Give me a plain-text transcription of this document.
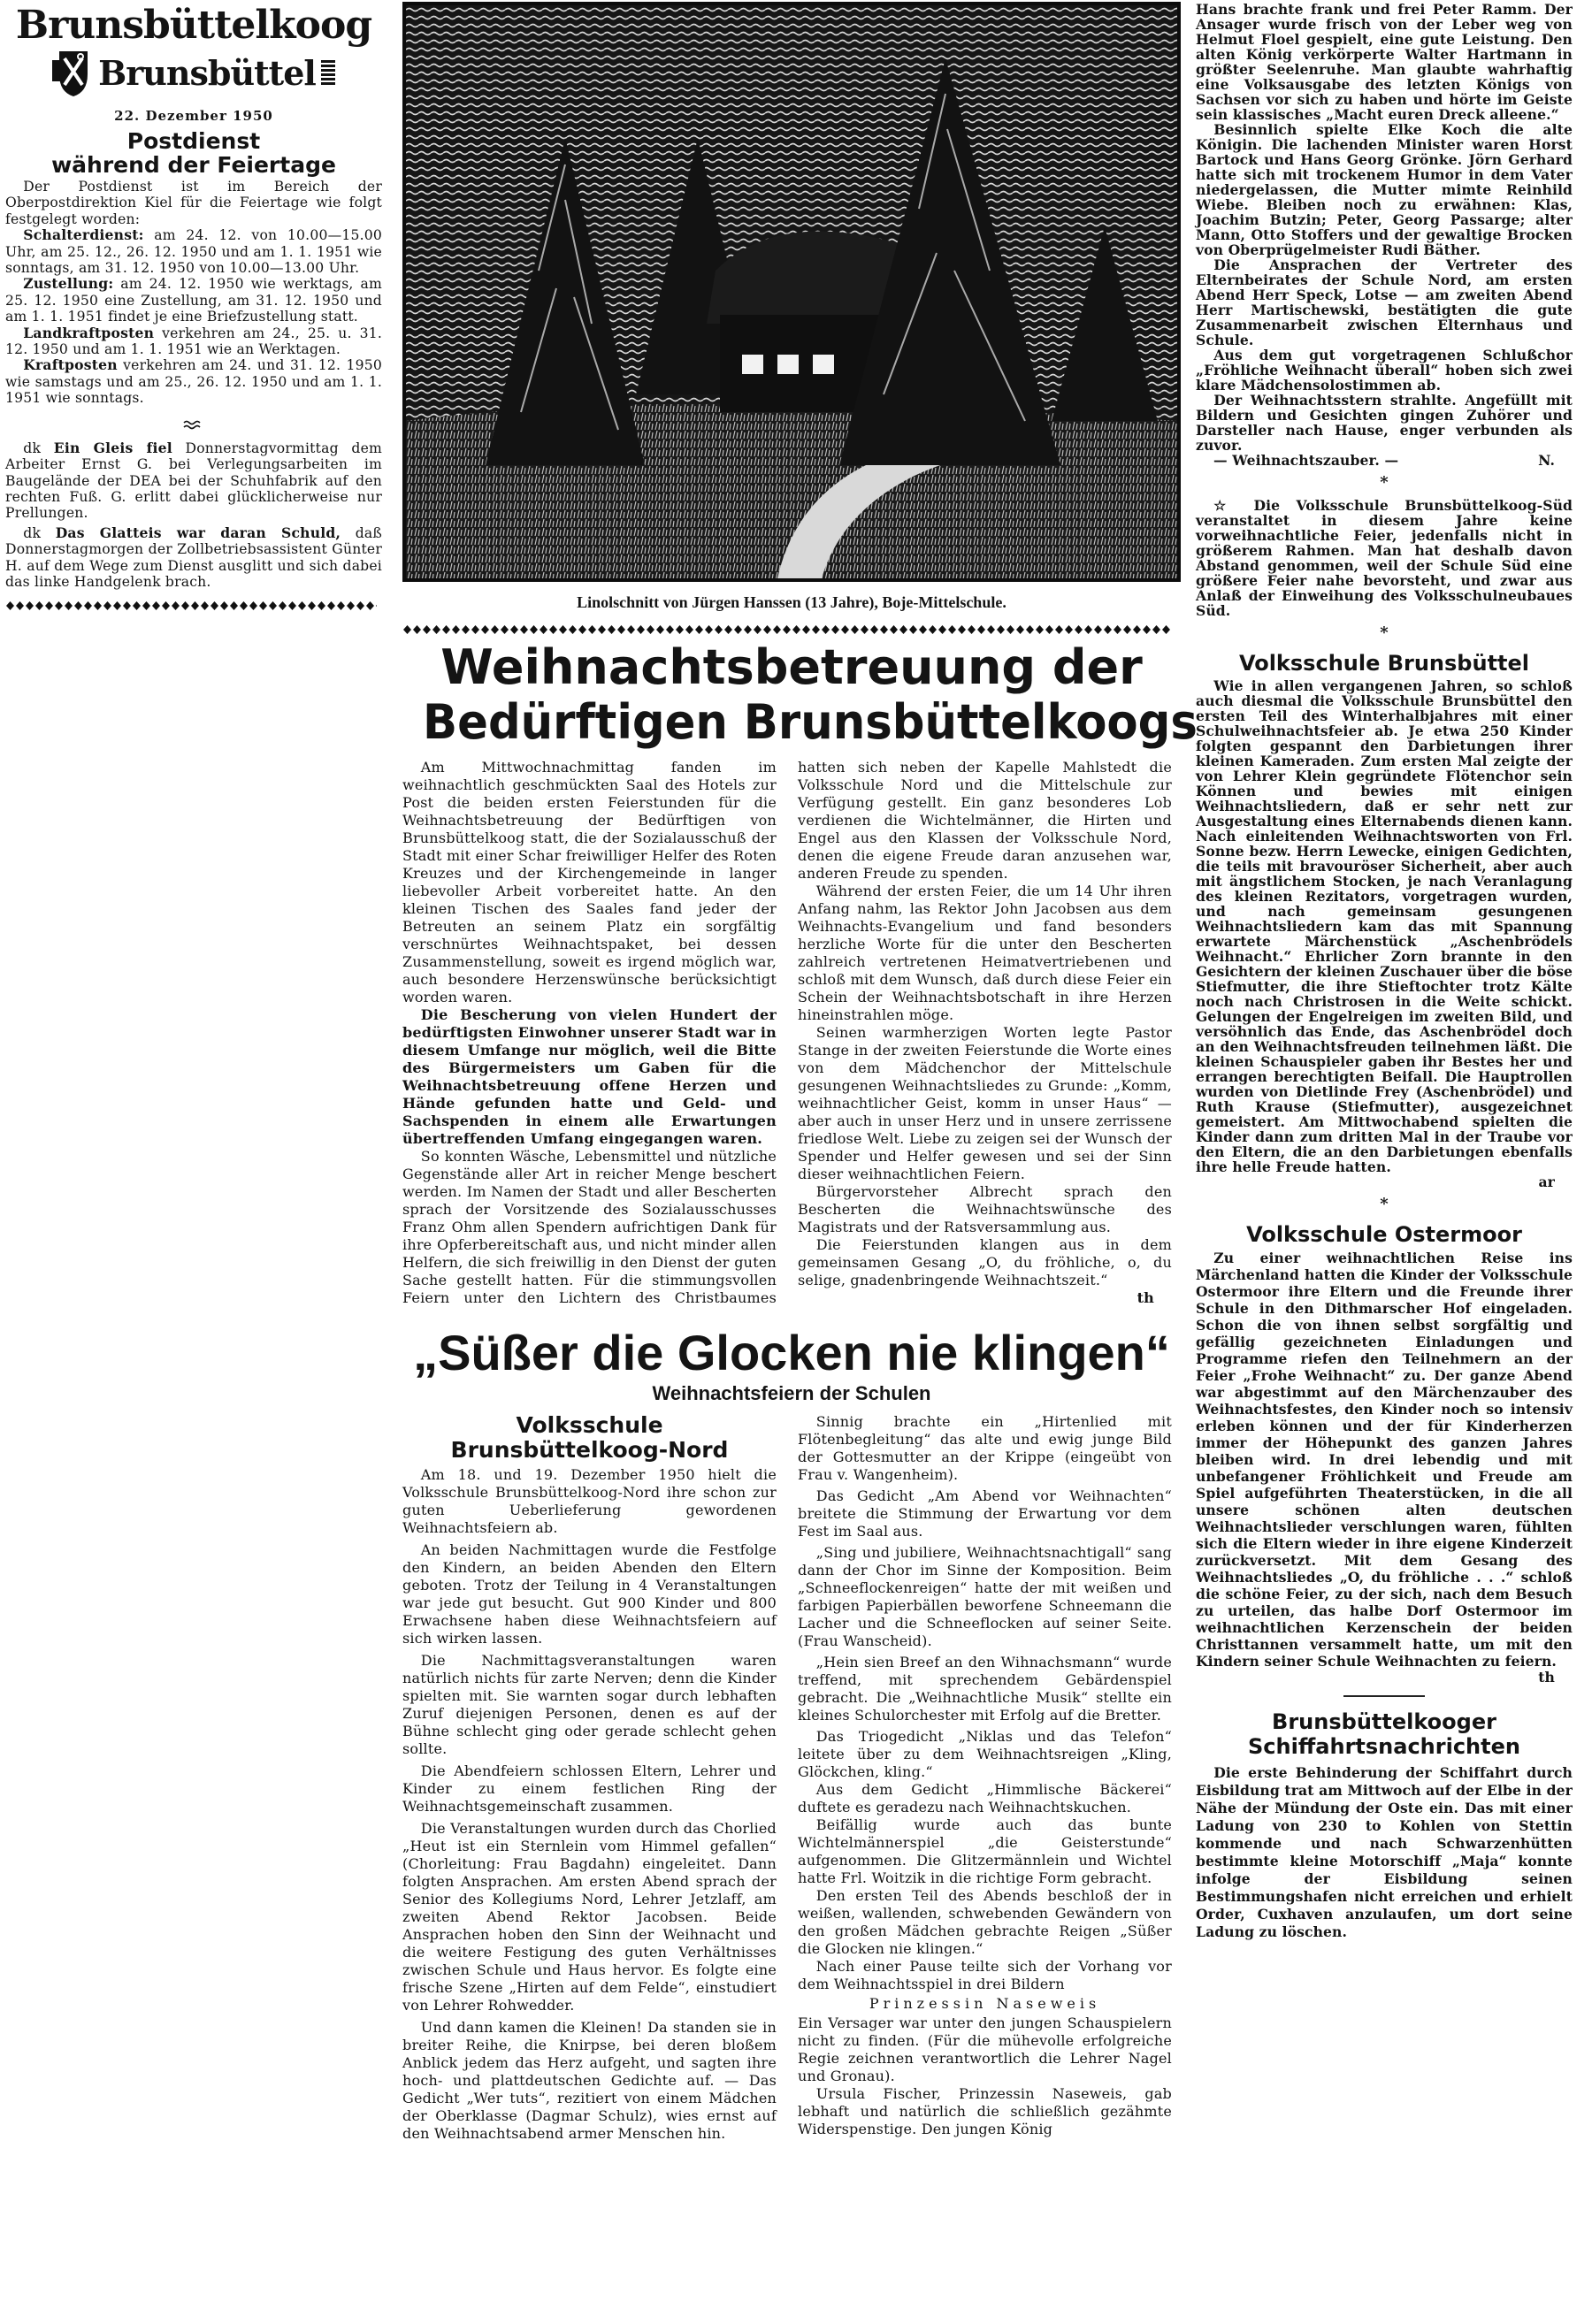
Brunsbüttelkoog
Brunsbüttel
22. Dezember 1950
Postdienst
während der Feiertage

Der Postdienst ist im Bereich der Oberpostdirektion Kiel für die Feiertage wie folgt festgelegt worden:

Schalterdienst: am 24. 12. von 10.00—15.00 Uhr, am 25. 12., 26. 12. 1950 und am 1. 1. 1951 wie sonntags, am 31. 12. 1950 von 10.00—13.00 Uhr.

Zustellung: am 24. 12. 1950 wie werktags, am 25. 12. 1950 eine Zustellung, am 31. 12. 1950 und am 1. 1. 1951 findet je eine Briefzustellung statt.

Landkraftposten verkehren am 24., 25. u. 31. 12. 1950 und am 1. 1. 1951 wie an Werktagen.

Kraftposten verkehren am 24. und 31. 12. 1950 wie samstags und am 25., 26. 12. 1950 und am 1. 1. 1951 wie sonntags.

dk Ein Gleis fiel Donnerstagvormittag dem Arbeiter Ernst G. bei Verlegungsarbeiten im Baugelände der DEA bei der Schuhfabrik auf den rechten Fuß. G. erlitt dabei glücklicherweise nur Prellungen.

dk Das Glatteis war daran Schuld, daß Donnerstagmorgen der Zollbetriebsassistent Günter H. auf dem Wege zum Dienst ausglitt und sich dabei das linke Handgelenk brach.

Linolschnitt von Jürgen Hanssen (13 Jahre), Boje-Mittelschule.
Weihnachtsbetreuung der
Bedürftigen Brunsbüttelkoogs

Am Mittwochnachmittag fanden im weihnachtlich geschmückten Saal des Hotels zur Post die beiden ersten Feierstunden für die Weihnachtsbetreuung der Bedürftigen von Brunsbüttelkoog statt, die der Sozialausschuß der Stadt mit einer Schar freiwilliger Helfer des Roten Kreuzes und der Kirchengemeinde in langer liebevoller Arbeit vorbereitet hatte. An den kleinen Tischen des Saales fand jeder der Betreuten an seinem Platz ein sorgfältig verschnürtes Weihnachtspaket, bei dessen Zusammenstellung, soweit es irgend möglich war, auch besondere Herzenswünsche berücksichtigt worden waren.

Die Bescherung von vielen Hundert der bedürftigsten Einwohner unserer Stadt war in diesem Umfange nur möglich, weil die Bitte des Bürgermeisters um Gaben für die Weihnachtsbetreuung offene Herzen und Hände gefunden hatte und Geld- und Sachspenden in einem alle Erwartungen übertreffenden Umfang eingegangen waren.

So konnten Wäsche, Lebensmittel und nützliche Gegenstände aller Art in reicher Menge beschert werden. Im Namen der Stadt und aller Bescherten sprach der Vorsitzende des Sozialausschusses Franz Ohm allen Spendern aufrichtigen Dank für ihre Opferbereitschaft aus, und nicht minder allen Helfern, die sich freiwillig in den Dienst der guten Sache gestellt hatten. Für die stimmungsvollen Feiern unter den Lichtern des Christbaumes hatten sich neben der Kapelle Mahlstedt die Volksschule Nord und die Mittelschule zur Verfügung gestellt. Ein ganz besonderes Lob verdienen die Wichtelmänner, die Hirten und Engel aus den Klassen der Volksschule Nord, denen die eigene Freude daran anzusehen war, anderen Freude zu spenden.

Während der ersten Feier, die um 14 Uhr ihren Anfang nahm, las Rektor John Jacobsen aus dem Weihnachts-Evangelium und fand besonders herzliche Worte für die unter den Bescherten zahlreich vertretenen Heimatvertriebenen und schloß mit dem Wunsch, daß durch diese Feier ein Schein der Weihnachtsbotschaft in ihre Herzen hineinstrahlen möge.

Seinen warmherzigen Worten legte Pastor Stange in der zweiten Feierstunde die Worte eines von dem Mädchenchor der Mittelschule gesungenen Weihnachtsliedes zu Grunde: „Komm, weihnachtlicher Geist, komm in unser Haus“ — aber auch in unser Herz und in unsere zerrissene friedlose Welt. Liebe zu zeigen sei der Wunsch der Spender und Helfer gewesen und sei der Sinn dieser weihnachtlichen Feiern.

Bürgervorsteher Albrecht sprach den Bescherten die Weihnachtswünsche des Magistrats und der Ratsversammlung aus.

Die Feierstunden klangen aus in dem gemeinsamen Gesang „O, du fröhliche, o, du selige, gnadenbringende Weihnachtszeit.“

th

„Süßer die Glocken nie klingen“
Weihnachtsfeiern der Schulen
Volksschule
Brunsbüttelkoog-Nord

Am 18. und 19. Dezember 1950 hielt die Volksschule Brunsbüttelkoog-Nord ihre schon zur guten Ueberlieferung gewordenen Weihnachtsfeiern ab.

An beiden Nachmittagen wurde die Festfolge den Kindern, an beiden Abenden den Eltern geboten. Trotz der Teilung in 4 Veranstaltungen war jede gut besucht. Gut 900 Kinder und 800 Erwachsene haben diese Weihnachtsfeiern auf sich wirken lassen.

Die Nachmittagsveranstaltungen waren natürlich nichts für zarte Nerven; denn die Kinder spielten mit. Sie warnten sogar durch lebhaften Zuruf diejenigen Personen, denen es auf der Bühne schlecht ging oder gerade schlecht gehen sollte.

Die Abendfeiern schlossen Eltern, Lehrer und Kinder zu einem festlichen Ring der Weihnachtsgemeinschaft zusammen.

Die Veranstaltungen wurden durch das Chorlied „Heut ist ein Sternlein vom Himmel gefallen“ (Chorleitung: Frau Bagdahn) eingeleitet. Dann folgten Ansprachen. Am ersten Abend sprach der Senior des Kollegiums Nord, Lehrer Jetzlaff, am zweiten Abend Rektor Jacobsen. Beide Ansprachen hoben den Sinn der Weihnacht und die weitere Festigung des guten Verhältnisses zwischen Schule und Haus hervor. Es folgte eine frische Szene „Hirten auf dem Felde“, einstudiert von Lehrer Rohwedder.

Und dann kamen die Kleinen! Da standen sie in breiter Reihe, die Knirpse, bei deren bloßem Anblick jedem das Herz aufgeht, und sagten ihre hoch- und plattdeutschen Gedichte auf. — Das Gedicht „Wer tuts“, rezitiert von einem Mädchen der Oberklasse (Dagmar Schulz), wies ernst auf den Weihnachtsabend armer Menschen hin.

Sinnig brachte ein „Hirtenlied mit Flötenbegleitung“ das alte und ewig junge Bild der Gottesmutter an der Krippe (eingeübt von Frau v. Wangenheim).

Das Gedicht „Am Abend vor Weihnachten“ breitete die Stimmung der Erwartung vor dem Fest im Saal aus.

„Sing und jubiliere, Weihnachtsnachtigall“ sang dann der Chor im Sinne der Komposition. Beim „Schneeflockenreigen“ hatte der mit weißen und farbigen Papierbällen beworfene Schneemann die Lacher und die Schneeflocken auf seiner Seite. (Frau Wanscheid).

„Hein sien Breef an den Wihnachsmann“ wurde treffend, mit sprechendem Gebärdenspiel gebracht. Die „Weihnachtliche Musik“ stellte ein kleines Schulorchester mit Erfolg auf die Bretter.

Das Triogedicht „Niklas und das Telefon“ leitete über zu dem Weihnachtsreigen „Kling, Glöckchen, kling.“

Aus dem Gedicht „Himmlische Bäckerei“ duftete es geradezu nach Weihnachtskuchen.

Beifällig wurde auch das bunte Wichtelmännerspiel „die Geisterstunde“ aufgenommen. Die Glitzermännlein und Wichtel hatte Frl. Woitzik in die richtige Form gebracht.

Den ersten Teil des Abends beschloß der in weißen, wallenden, schwebenden Gewändern von den großen Mädchen gebrachte Reigen „Süßer die Glocken nie klingen.“

Nach einer Pause teilte sich der Vorhang vor dem Weihnachtsspiel in drei Bildern

Prinzessin Naseweis

Ein Versager war unter den jungen Schauspielern nicht zu finden. (Für die mühevolle erfolgreiche Regie zeichnen verantwortlich die Lehrer Nagel und Gronau).

Ursula Fischer, Prinzessin Naseweis, gab lebhaft und natürlich die schließlich gezähmte Widerspenstige. Den jungen König

Hans brachte frank und frei Peter Ramm. Der Ansager wurde frisch von der Leber weg von Helmut Floel gespielt, eine gute Leistung. Den alten König verkörperte Walter Hartmann in größter Seelenruhe. Man glaubte wahrhaftig eine Volksausgabe des letzten Königs von Sachsen vor sich zu haben und hörte im Geiste sein klassisches „Macht euren Dreck alleene.“

Besinnlich spielte Elke Koch die alte Königin. Die lachenden Minister waren Horst Bartock und Hans Georg Grönke. Jörn Gerhard hatte sich mit trockenem Humor in dem Vater niedergelassen, die Mutter mimte Reinhild Wiebe. Bleiben noch zu erwähnen: Klas, Joachim Butzin; Peter, Georg Passarge; alter Mann, Otto Stoffers und der gewaltige Brocken von Oberprügelmeister Rudi Bäther.

Die Ansprachen der Vertreter des Elternbeirates der Schule Nord, am ersten Abend Herr Speck, Lotse — am zweiten Abend Herr Martischewski, bestätigten die gute Zusammenarbeit zwischen Elternhaus und Schule.

Aus dem gut vorgetragenen Schlußchor „Fröhliche Weihnacht überall“ hoben sich zwei klare Mädchensolostimmen ab.

Der Weihnachtsstern strahlte. Angefüllt mit Bildern und Gesichten gingen Zuhörer und Darsteller nach Hause, enger verbunden als zuvor.

— Weihnachtszauber. —	N.

*

☆ Die Volksschule Brunsbüttelkoog-Süd veranstaltet in diesem Jahre keine vorweihnachtliche Feier, jedenfalls nicht in größerem Rahmen. Man hat deshalb davon Abstand genommen, weil der Schule Süd eine größere Feier nahe bevorsteht, und zwar aus Anlaß der Einweihung des Volksschulneubaues Süd.

*
Volksschule Brunsbüttel

Wie in allen vergangenen Jahren, so schloß auch diesmal die Volksschule Brunsbüttel den ersten Teil des Winterhalbjahres mit einer Schulweihnachtsfeier ab. Je etwa 250 Kinder folgten gespannt den Darbietungen ihrer kleinen Kameraden. Zum ersten Mal zeigte der von Lehrer Klein gegründete Flötenchor sein Können und bewies mit einigen Weihnachtsliedern, daß er sehr nett zur Ausgestaltung eines Elternabends dienen kann. Nach einleitenden Weihnachtsworten von Frl. Sonne bezw. Herrn Lewecke, einigen Gedichten, die teils mit bravouröser Sicherheit, aber auch mit ängstlichem Stocken, je nach Veranlagung des kleinen Rezitators, vorgetragen wurden, und nach gemeinsam gesungenen Weihnachtsliedern kam das mit Spannung erwartete Märchenstück „Aschenbrödels Weihnacht.“ Ehrlicher Zorn brannte in den Gesichtern der kleinen Zuschauer über die böse Stiefmutter, die ihre Stieftochter trotz Kälte noch nach Christrosen in die Weite schickt. Gelungen der Engelreigen im zweiten Bild, und versöhnlich das Ende, das Aschenbrödel doch an den Weihnachtsfreuden teilnehmen läßt. Die kleinen Schauspieler gaben ihr Bestes her und errangen berechtigten Beifall. Die Hauptrollen wurden von Dietlinde Frey (Aschenbrödel) und Ruth Krause (Stiefmutter), ausgezeichnet gemeistert. Am Mittwochabend spielten die Kinder dann zum dritten Mal in der Traube vor den Eltern, die an den Darbietungen ebenfalls ihre helle Freude hatten.

ar

*
Volksschule Ostermoor

Zu einer weihnachtlichen Reise ins Märchenland hatten die Kinder der Volksschule Ostermoor ihre Eltern und die Freunde ihrer Schule in den Dithmarscher Hof eingeladen. Schon die von ihnen selbst sorgfältig und gefällig gezeichneten Einladungen und Programme riefen den Teilnehmern an der Feier „Frohe Weihnacht“ zu. Der ganze Abend war abgestimmt auf den Märchenzauber des Weihnachtsfestes, den Kinder noch so intensiv erleben können und der für Kinderherzen immer der Höhepunkt des ganzen Jahres bleiben wird. In drei lebendig und mit unbefangener Fröhlichkeit und Freude am Spiel aufgeführten Theaterstücken, in die all unsere schönen alten deutschen Weihnachtslieder verschlungen waren, fühlten sich die Eltern wieder in ihre eigene Kinderzeit zurückversetzt. Mit dem Gesang des Weihnachtsliedes „O, du fröhliche . . .“ schloß die schöne Feier, zu der sich, nach dem Besuch zu urteilen, das halbe Dorf Ostermoor im weihnachtlichen Kerzenschein der beiden Christtannen versammelt hatte, um mit den Kindern seiner Schule Weihnachten zu feiern.

th

Brunsbüttelkooger
Schiffahrtsnachrichten

Die erste Behinderung der Schiffahrt durch Eisbildung trat am Mittwoch auf der Elbe in der Nähe der Mündung der Oste ein. Das mit einer Ladung von 230 to Kohlen von Stettin kommende und nach Schwarzenhütten bestimmte kleine Motorschiff „Maja“ konnte infolge der Eisbildung seinen Bestimmungshafen nicht erreichen und erhielt Order, Cuxhaven anzulaufen, um dort seine Ladung zu löschen.
